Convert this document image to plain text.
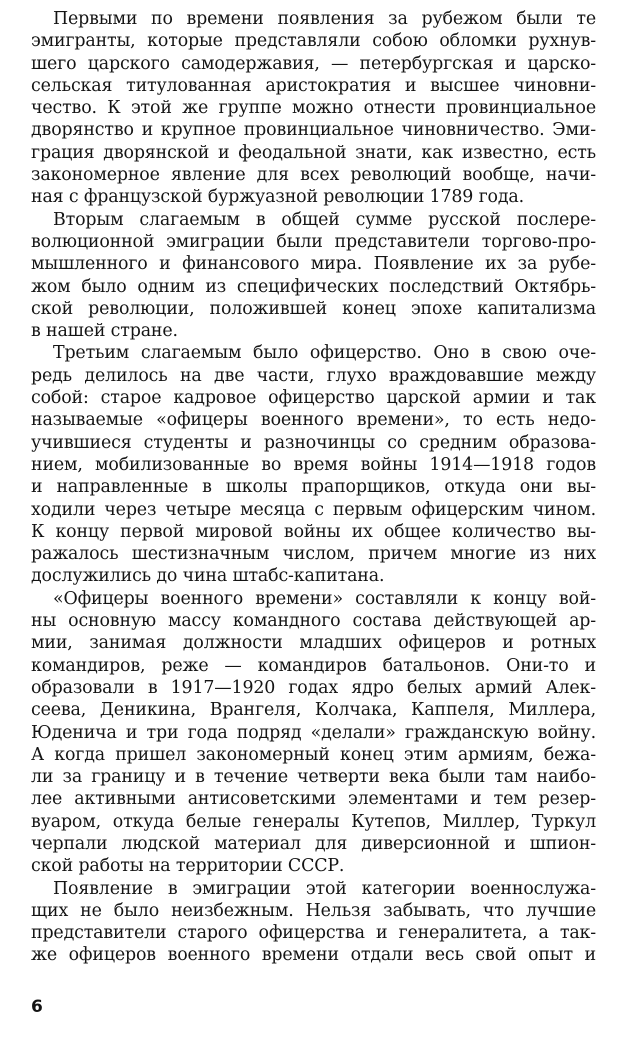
Первыми по времени появления за рубежом были те
эмигранты, которые представляли собою обломки рухнув-
шего царского самодержавия, — петербургская и царско-
сельская титулованная аристократия и высшее чиновни-
чество. К этой же группе можно отнести провинциальное
дворянство и крупное провинциальное чиновничество. Эми-
грация дворянской и феодальной знати, как известно, есть
закономерное явление для всех революций вообще, начи-
ная с французской буржуазной революции 1789 года.
Вторым слагаемым в общей сумме русской послере-
волюционной эмиграции были представители торгово-про-
мышленного и финансового мира. Появление их за рубе-
жом было одним из специфических последствий Октябрь-
ской революции, положившей конец эпохе капитализма
в нашей стране.
Третьим слагаемым было офицерство. Оно в свою оче-
редь делилось на две части, глухо враждовавшие между
собой: старое кадровое офицерство царской армии и так
называемые «офицеры военного времени», то есть недо-
учившиеся студенты и разночинцы со средним образова-
нием, мобилизованные во время войны 1914—1918 годов
и направленные в школы прапорщиков, откуда они вы-
ходили через четыре месяца с первым офицерским чином.
К концу первой мировой войны их общее количество вы-
ражалось шестизначным числом, причем многие из них
дослужились до чина штабс-капитана.
«Офицеры военного времени» составляли к концу вой-
ны основную массу командного состава действующей ар-
мии, занимая должности младших офицеров и ротных
командиров, реже — командиров батальонов. Они-то и
образовали в 1917—1920 годах ядро белых армий Алек-
сеева, Деникина, Врангеля, Колчака, Каппеля, Миллера,
Юденича и три года подряд «делали» гражданскую войну.
А когда пришел закономерный конец этим армиям, бежа-
ли за границу и в течение четверти века были там наибо-
лее активными антисоветскими элементами и тем резер-
вуаром, откуда белые генералы Кутепов, Миллер, Туркул
черпали людской материал для диверсионной и шпион-
ской работы на территории СССР.
Появление в эмиграции этой категории военнослужа-
щих не было неизбежным. Нельзя забывать, что лучшие
представители старого офицерства и генералитета, а так-
же офицеров военного времени отдали весь свой опыт и
6
